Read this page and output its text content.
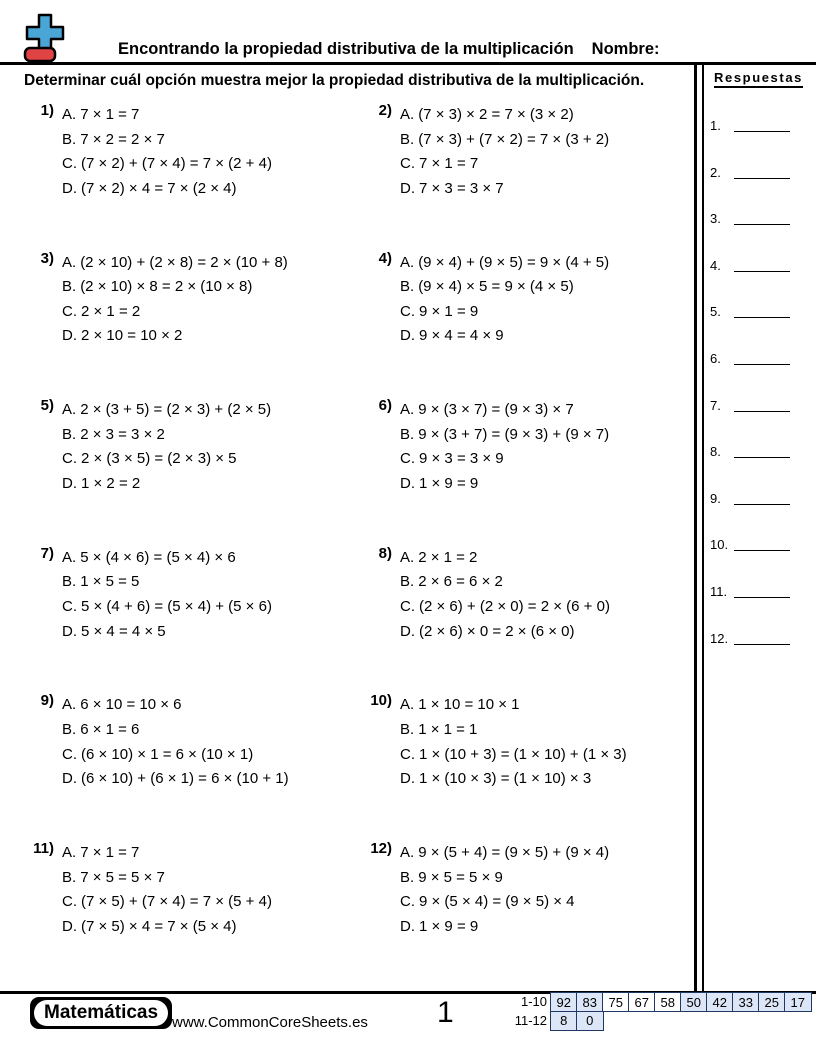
Encontrando la propiedad distributiva de la multiplicación Nombre:
Determinar cuál opción muestra mejor la propiedad distributiva de la multiplicación.
1) A. 7 × 1 = 7
B. 7 × 2 = 2 × 7
C. (7 × 2) + (7 × 4) = 7 × (2 + 4)
D. (7 × 2) × 4 = 7 × (2 × 4)
2) A. (7 × 3) × 2 = 7 × (3 × 2)
B. (7 × 3) + (7 × 2) = 7 × (3 + 2)
C. 7 × 1 = 7
D. 7 × 3 = 3 × 7
3) A. (2 × 10) + (2 × 8) = 2 × (10 + 8)
B. (2 × 10) × 8 = 2 × (10 × 8)
C. 2 × 1 = 2
D. 2 × 10 = 10 × 2
4) A. (9 × 4) + (9 × 5) = 9 × (4 + 5)
B. (9 × 4) × 5 = 9 × (4 × 5)
C. 9 × 1 = 9
D. 9 × 4 = 4 × 9
5) A. 2 × (3 + 5) = (2 × 3) + (2 × 5)
B. 2 × 3 = 3 × 2
C. 2 × (3 × 5) = (2 × 3) × 5
D. 1 × 2 = 2
6) A. 9 × (3 × 7) = (9 × 3) × 7
B. 9 × (3 + 7) = (9 × 3) + (9 × 7)
C. 9 × 3 = 3 × 9
D. 1 × 9 = 9
7) A. 5 × (4 × 6) = (5 × 4) × 6
B. 1 × 5 = 5
C. 5 × (4 + 6) = (5 × 4) + (5 × 6)
D. 5 × 4 = 4 × 5
8) A. 2 × 1 = 2
B. 2 × 6 = 6 × 2
C. (2 × 6) + (2 × 0) = 2 × (6 + 0)
D. (2 × 6) × 0 = 2 × (6 × 0)
9) A. 6 × 10 = 10 × 6
B. 6 × 1 = 6
C. (6 × 10) × 1 = 6 × (10 × 1)
D. (6 × 10) + (6 × 1) = 6 × (10 + 1)
10) A. 1 × 10 = 10 × 1
B. 1 × 1 = 1
C. 1 × (10 + 3) = (1 × 10) + (1 × 3)
D. 1 × (10 × 3) = (1 × 10) × 3
11) A. 7 × 1 = 7
B. 7 × 5 = 5 × 7
C. (7 × 5) + (7 × 4) = 7 × (5 + 4)
D. (7 × 5) × 4 = 7 × (5 × 4)
12) A. 9 × (5 + 4) = (9 × 5) + (9 × 4)
B. 9 × 5 = 5 × 9
C. 9 × (5 × 4) = (9 × 5) × 4
D. 1 × 9 = 9
Respuestas
1.
2.
3.
4.
5.
6.
7.
8.
9.
10.
11.
12.
Matemáticas www.CommonCoreSheets.es 1	1-10 92 83 75 67 58 50 42 33 25 17
11-12	8	0
